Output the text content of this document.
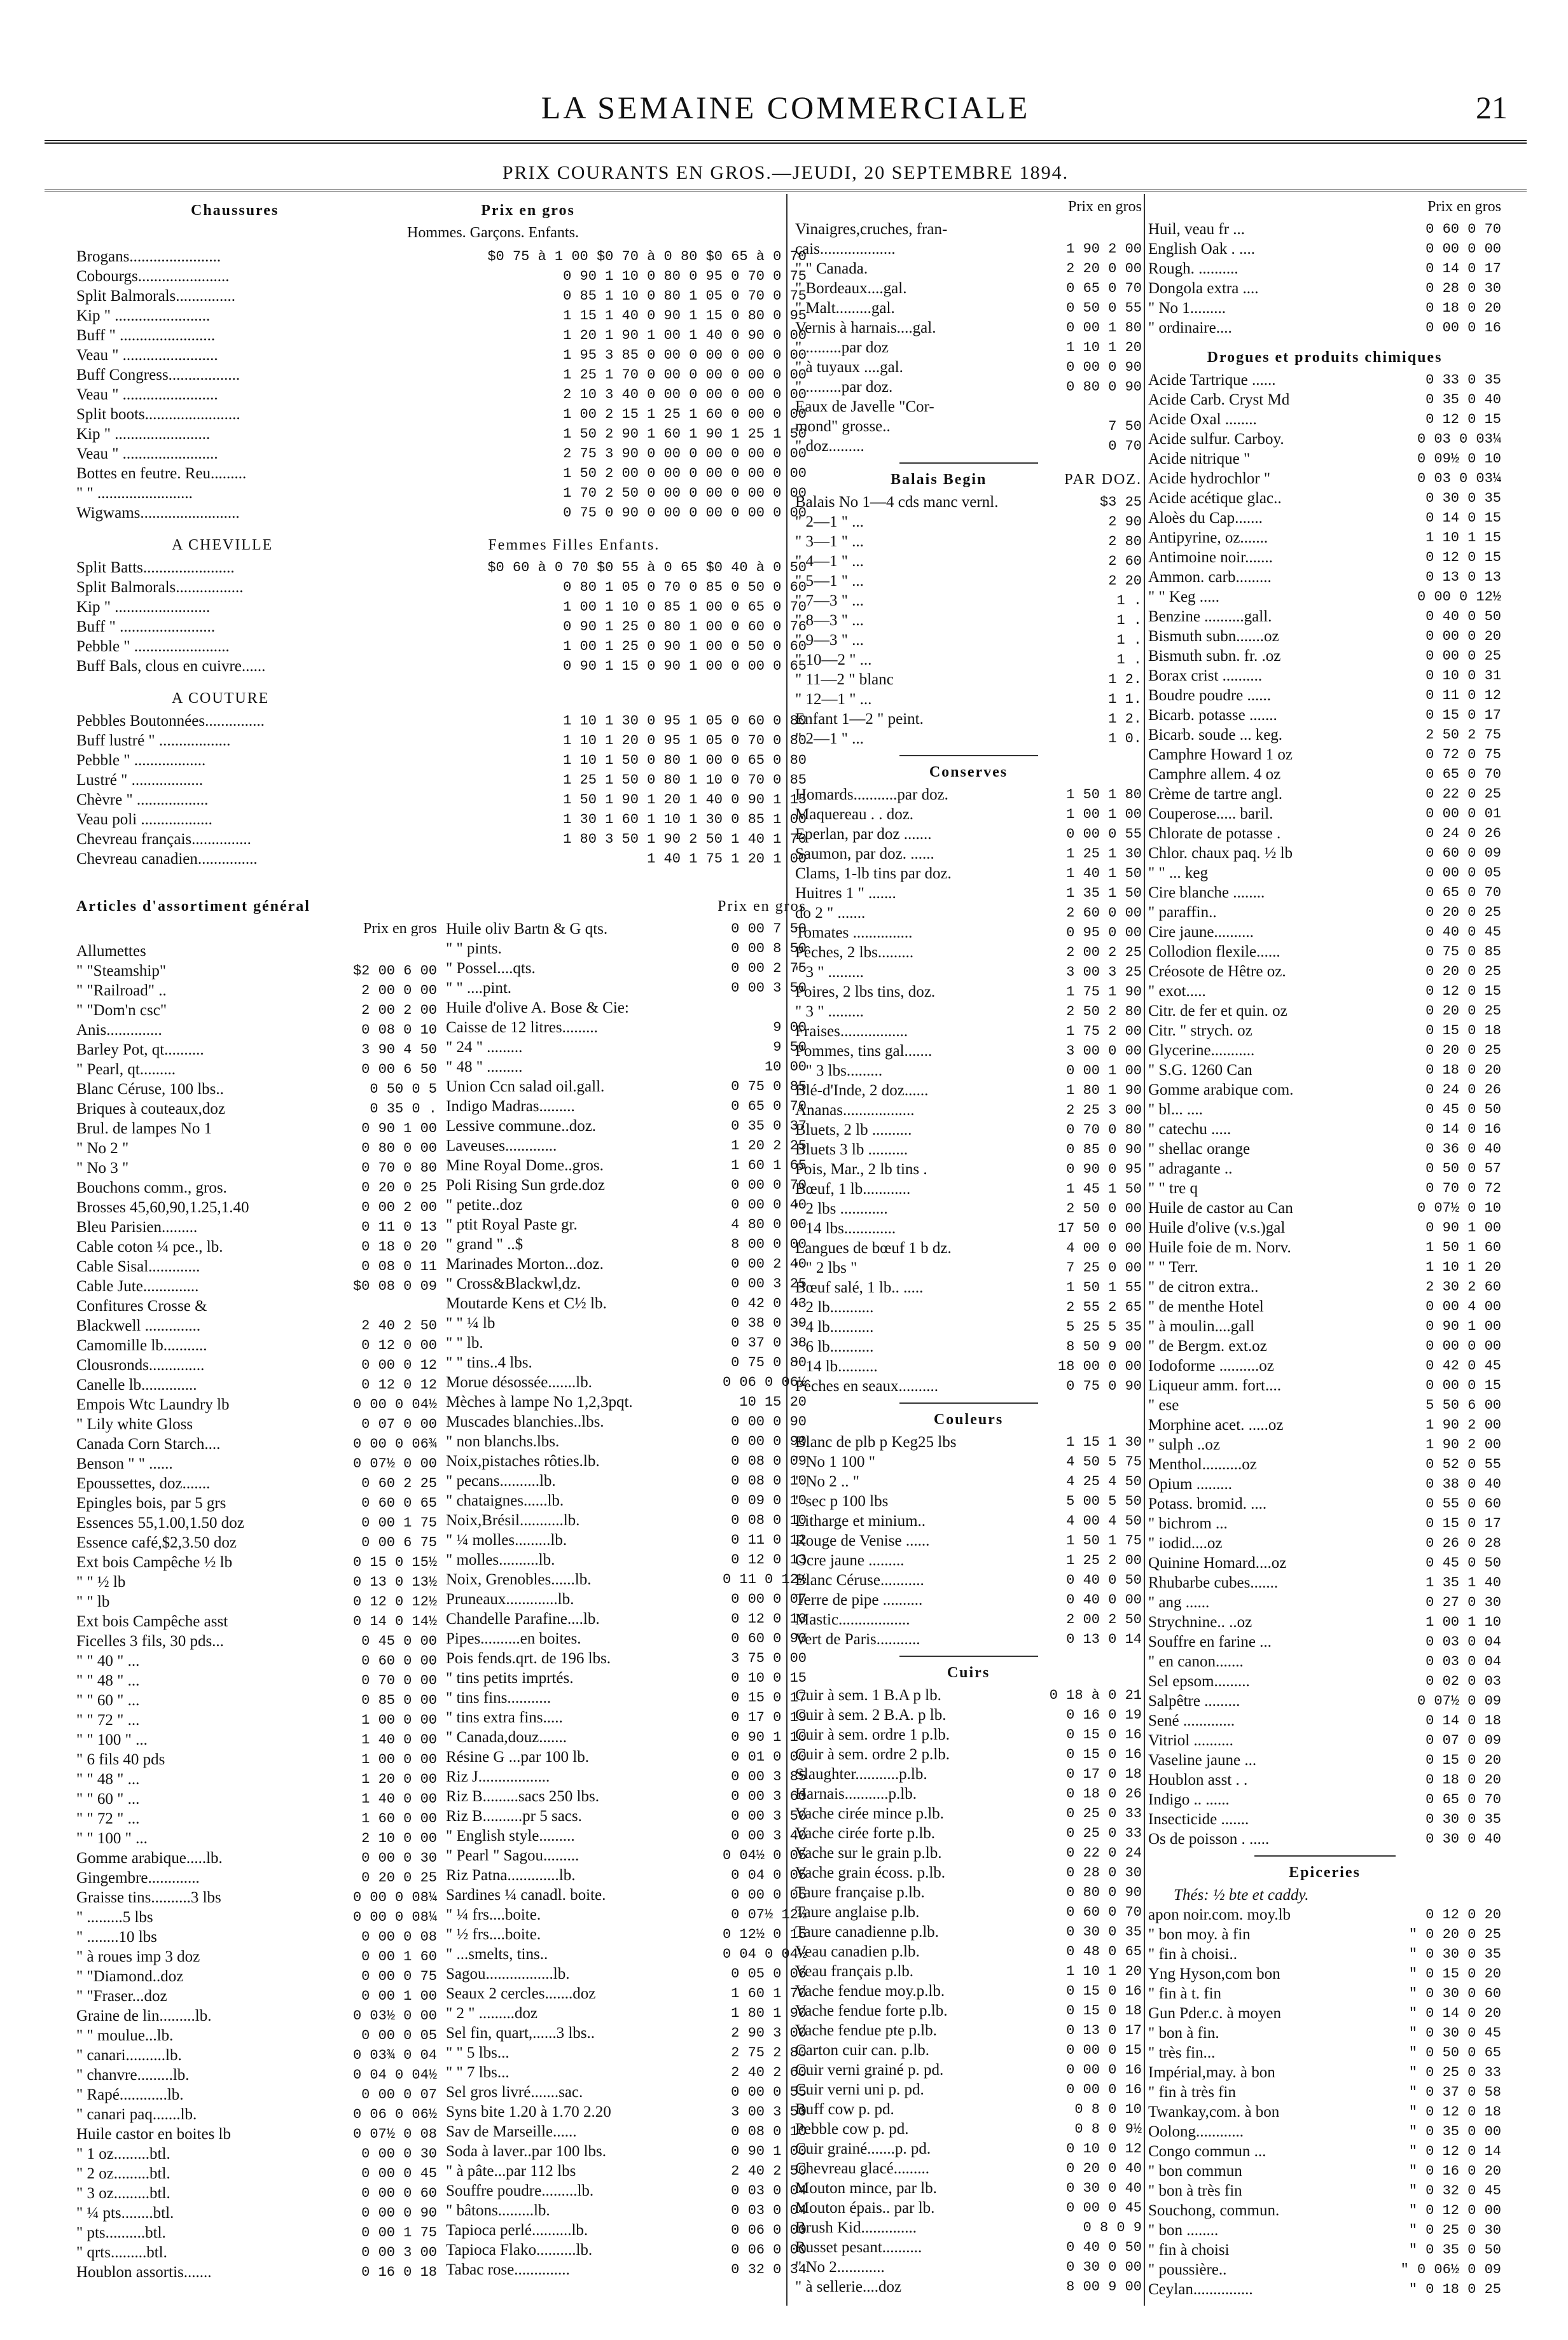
LA SEMAINE COMMERCIALE	21
PRIX COURANTS EN GROS.—JEUDI, 20 SEPTEMBRE 1894.
Chaussures	Prix en gros
Hommes. Garçons. Enfants.
Brogans.......................	$0 75 à 1 00 $0 70 à 0 80 $0 65 à 0 70
Cobourgs.......................	0 90 1 10 0 80 0 95 0 70 0 75
Split Balmorals...............	0 85 1 10 0 80 1 05 0 70 0 75
Kip " ........................	1 15 1 40 0 90 1 15 0 80 0 95
Buff " ........................	1 20 1 90 1 00 1 40 0 90 0 00
Veau " ........................	1 95 3 85 0 00 0 00 0 00 0 00
Buff Congress..................	1 25 1 70 0 00 0 00 0 00 0 00
Veau " ........................	2 10 3 40 0 00 0 00 0 00 0 00
Split boots........................	1 00 2 15 1 25 1 60 0 00 0 00
Kip " ........................	1 50 2 90 1 60 1 90 1 25 1 50
Veau " ........................	2 75 3 90 0 00 0 00 0 00 0 00
Bottes en feutre. Reu.........	1 50 2 00 0 00 0 00 0 00 0 00
" " ........................	1 70 2 50 0 00 0 00 0 00 0 00
Wigwams.........................	0 75 0 90 0 00 0 00 0 00 0 00
A CHEVILLE	Femmes Filles Enfants.
Split Batts.......................	$0 60 à 0 70 $0 55 à 0 65 $0 40 à 0 50
Split Balmorals.................	0 80 1 05 0 70 0 85 0 50 0 60
Kip " ........................	1 00 1 10 0 85 1 00 0 65 0 70
Buff " ........................	0 90 1 25 0 80 1 00 0 60 0 76
Pebble " ........................	1 00 1 25 0 90 1 00 0 50 0 60
Buff Bals, clous en cuivre......	0 90 1 15 0 90 1 00 0 00 0 65
A COUTURE
Pebbles Boutonnées...............	1 10 1 30 0 95 1 05 0 60 0 80
Buff lustré " ..................	1 10 1 20 0 95 1 05 0 70 0 80
Pebble " ..................	1 10 1 50 0 80 1 00 0 65 0 80
Lustré " ..................	1 25 1 50 0 80 1 10 0 70 0 85
Chèvre " ..................	1 50 1 90 1 20 1 40 0 90 1 15
Veau poli ..................	1 30 1 60 1 10 1 30 0 85 1 00
Chevreau français...............	1 80 3 50 1 90 2 50 1 40 1 70
Chevreau canadien...............	1 40 1 75 1 20 1 00
Articles d'assortiment général	Prix en gros
Prix en gros
Allumettes
" "Steamship"	$2 00 6 00
" "Railroad" ..	2 00 0 00
" "Dom'n csc"	2 00 2 00
Anis..............	0 08 0 10
Barley Pot, qt..........	3 90 4 50
" Pearl, qt.........	0 00 6 50
Blanc Céruse, 100 lbs..	0 50 0 5
Briques à couteaux,doz	0 35 0 .
Brul. de lampes No 1	0 90 1 00
" No 2 "	0 80 0 00
" No 3 "	0 70 0 80
Bouchons comm., gros.	0 20 0 25
Brosses 45,60,90,1.25,1.40	0 00 2 00
Bleu Parisien.........	0 11 0 13
Cable coton ¼ pce., lb.	0 18 0 20
Cable Sisal.............	0 08 0 11
Cable Jute..............	$0 08 0 09
Confitures Crosse &
Blackwell ..............	2 40 2 50
Camomille lb...........	0 12 0 00
Clousronds..............	0 00 0 12
Canelle lb..............	0 12 0 12
Empois Wtc Laundry lb	0 00 0 04½
" Lily white Gloss	0 07 0 00
Canada Corn Starch....	0 00 0 06¾
Benson " " ......	0 07½ 0 00
Epoussettes, doz.......	0 60 2 25
Epingles bois, par 5 grs	0 60 0 65
Essences 55,1.00,1.50 doz	0 00 1 75
Essence café,$2,3.50 doz	0 00 6 75
Ext bois Campêche ½ lb	0 15 0 15½
" " ½ lb	0 13 0 13½
" " lb	0 12 0 12½
Ext bois Campêche asst	0 14 0 14½
Ficelles 3 fils, 30 pds...	0 45 0 00
" " 40 " ...	0 60 0 00
" " 48 " ...	0 70 0 00
" " 60 " ...	0 85 0 00
" " 72 " ...	1 00 0 00
" " 100 " ...	1 40 0 00
" 6 fils 40 pds	1 00 0 00
" " 48 " ...	1 20 0 00
" " 60 " ...	1 40 0 00
" " 72 " ...	1 60 0 00
" " 100 " ...	2 10 0 00
Gomme arabique.....lb.	0 00 0 30
Gingembre.............	0 20 0 25
Graisse tins..........3 lbs	0 00 0 08¼
" .........5 lbs	0 00 0 08¼
" ........10 lbs	0 00 0 08
" à roues imp 3 doz	0 00 1 60
" "Diamond..doz	0 00 0 75
" "Fraser...doz	0 00 1 00
Graine de lin.........lb.	0 03½ 0 00
" " moulue...lb.	0 00 0 05
" canari..........lb.	0 03¾ 0 04
" chanvre.........lb.	0 04 0 04½
" Rapé............lb.	0 00 0 07
" canari paq.......lb.	0 06 0 06½
Huile castor en boites lb	0 07½ 0 08
" 1 oz.........btl.	0 00 0 30
" 2 oz.........btl.	0 00 0 45
" 3 oz.........btl.	0 00 0 60
" ¼ pts........btl.	0 00 0 90
" pts..........btl.	0 00 1 75
" qrts.........btl.	0 00 3 00
Houblon assortis.......	0 16 0 18
Huile oliv Bartn & G qts.	0 00 7 50
" " pints.	0 00 8 50
" Possel....qts.	0 00 2 75
" " ....pint.	0 00 3 50
Huile d'olive A. Bose & Cie:
Caisse de 12 litres.........	9 00
" 24 " .........	9 50
" 48 " .........	10 00
Union Ccn salad oil.gall.	0 75 0 85
Indigo Madras.........	0 65 0 70
Lessive commune..doz.	0 35 0 37
Laveuses.............	1 20 2 25
Mine Royal Dome..gros.	1 60 1 65
Poli Rising Sun grde.doz	0 00 0 70
" petite..doz	0 00 0 40
" ptit Royal Paste gr.	4 80 0 00
" grand " ..$	8 00 0 00
Marinades Morton...doz.	0 00 2 40
" Cross&Blackwl,dz.	0 00 3 25
Moutarde Kens et C½ lb.	0 42 0 43
" " ¼ lb	0 38 0 39
" " lb.	0 37 0 38
" " tins..4 lbs.	0 75 0 80
Morue désossée.......lb.	0 06 0 06½
Mèches à lampe No 1,2,3pqt.	10 15 20
Muscades blanchies..lbs.	0 00 0 90
" non blanchs.lbs.	0 00 0 90
Noix,pistaches rôties.lb.	0 08 0 09
" pecans..........lb.	0 08 0 10
" chataignes......lb.	0 09 0 10
Noix,Brésil...........lb.	0 08 0 10
" ¼ molles.........lb.	0 11 0 12
" molles..........lb.	0 12 0 13
Noix, Grenobles......lb.	0 11 0 12½
Pruneaux.............lb.	0 00 0 07
Chandelle Parafine....lb.	0 12 0 13
Pipes..........en boites.	0 60 0 90
Pois fends.qrt. de 196 lbs.	3 75 0 00
" tins petits imprtés.	0 10 0 15
" tins fins...........	0 15 0 17
" tins extra fins.....	0 17 0 19
" Canada,douz.......	0 90 1 10
Résine G ...par 100 lb.	0 01 0 00
Riz J..................	0 00 3 85
Riz B.........sacs 250 lbs.	0 00 3 60
Riz B..........pr 5 sacs.	0 00 3 50
" English style.........	0 00 3 40
" Pearl " Sagou.........	0 04½ 0 05
Riz Patna.............lb.	0 04 0 05
Sardines ¼ canadl. boite.	0 00 0 05
" ¼ frs....boite.	0 07½ 12½
" ½ frs....boite.	0 12½ 0 15
" ...smelts, tins..	0 04 0 04½
Sagou.................lb.	0 05 0 06
Seaux 2 cercles.......doz	1 60 1 70
" 2 " .........doz	1 80 1 90
Sel fin, quart,......3 lbs..	2 90 3 00
" " 5 lbs...	2 75 2 80
" " 7 lbs...	2 40 2 60
Sel gros livré.......sac.	0 00 0 55
Syns bite 1.20 à 1.70 2.20	3 00 3 50
Sav de Marseille......	0 08 0 10
Soda à laver..par 100 lbs.	0 90 1 00
" à pâte...par 112 lbs	2 40 2 50
Souffre poudre.........lb.	0 03 0 04
" bâtons.........lb.	0 03 0 04
Tapioca perlé..........lb.	0 06 0 00
Tapioca Flako..........lb.	0 06 0 00
Tabac rose..............	0 32 0 34
Prix en gros
Vinaigres,cruches, fran-
çais...................	1 90 2 00
" " Canada.	2 20 0 00
" Bordeaux....gal.	0 65 0 70
" Malt.........gal.	0 50 0 55
Vernis à harnais....gal.	0 00 1 80
" .........par doz	1 10 1 20
" à tuyaux ....gal.	0 00 0 90
" .........par doz.	0 80 0 90
Eaux de Javelle "Cor-
mond" grosse..	7 50
" doz.........	0 70
Balais Begin	PAR DOZ.
Balais No 1—4 cds manc vernl.	$3 25
" 2—1 " ...	2 90
" 3—1 " ...	2 80
" 4—1 " ...	2 60
" 5—1 " ...	2 20
" 7—3 " ...	1 .
" 8—3 " ...	1 .
" 9—3 " ...	1 .
" 10—2 " ...	1 .
" 11—2 " blanc	1 2.
" 12—1 " ...	1 1.
Enfant 1—2 " peint.	1 2.
" 2—1 " ...	1 0.
Conserves
Homards...........par doz.	1 50 1 80
Maquereau . . doz.	1 00 1 00
Eperlan, par doz .......	0 00 0 55
Saumon, par doz. ......	1 25 1 30
Clams, 1-lb tins par doz.	1 40 1 50
Huitres 1 " .......	1 35 1 50
do 2 " .......	2 60 0 00
Tomates ...............	0 95 0 00
Pêches, 2 lbs.........	2 00 2 25
" 3 " .........	3 00 3 25
Poires, 2 lbs tins, doz.	1 75 1 90
" 3 " .........	2 50 2 80
Fraises.................	1 75 2 00
Pommes, tins gal.......	3 00 0 00
" " 3 lbs.........	0 00 1 00
Blé-d'Inde, 2 doz......	1 80 1 90
Ananas..................	2 25 3 00
Bluets, 2 lb ..........	0 70 0 80
Bluets 3 lb ..........	0 85 0 90
Pois, Mar., 2 lb tins .	0 90 0 95
Bœuf, 1 lb............	1 45 1 50
" 2 lbs ............	2 50 0 00
" 14 lbs.............	17 50 0 00
Langues de bœuf 1 b dz.	4 00 0 00
" " 2 lbs "	7 25 0 00
Bœuf salé, 1 lb.. .....	1 50 1 55
" 2 lb...........	2 55 2 65
" 4 lb...........	5 25 5 35
" 6 lb...........	8 50 9 00
" 14 lb..........	18 00 0 00
Pêches en seaux..........	0 75 0 90
Couleurs
Blanc de plb p Keg25 lbs	1 15 1 30
" No 1 100 "	4 50 5 75
" No 2 .. "	4 25 4 50
" sec p 100 lbs	5 00 5 50
Litharge et minium..	4 00 4 50
Rouge de Venise ......	1 50 1 75
Ocre jaune .........	1 25 2 00
Blanc Céruse...........	0 40 0 50
Terre de pipe ..........	0 40 0 00
Mastic..................	2 00 2 50
Vert de Paris...........	0 13 0 14
Cuirs
Cuir à sem. 1 B.A p lb.	0 18 à 0 21
Cuir à sem. 2 B.A. p lb.	0 16 0 19
Cuir à sem. ordre 1 p.lb.	0 15 0 16
Cuir à sem. ordre 2 p.lb.	0 15 0 16
Slaughter...........p.lb.	0 17 0 18
Harnais...........p.lb.	0 18 0 26
Vache cirée mince p.lb.	0 25 0 33
Vache cirée forte p.lb.	0 25 0 33
Vache sur le grain p.lb.	0 22 0 24
Vache grain écoss. p.lb.	0 28 0 30
Taure française p.lb.	0 80 0 90
Taure anglaise p.lb.	0 60 0 70
Taure canadienne p.lb.	0 30 0 35
Veau canadien p.lb.	0 48 0 65
Veau français p.lb.	1 10 1 20
Vache fendue moy.p.lb.	0 15 0 16
Vache fendue forte p.lb.	0 15 0 18
Vache fendue pte p.lb.	0 13 0 17
Carton cuir can. p.lb.	0 00 0 15
Cuir verni grainé p. pd.	0 00 0 16
Cuir verni uni p. pd.	0 00 0 16
Buff cow p. pd.	0 8 0 10
Pebble cow p. pd.	0 8 0 9½
Cuir grainé.......p. pd.	0 10 0 12
Chevreau glacé.........	0 20 0 40
Mouton mince, par lb.	0 30 0 40
Mouton épais.. par lb.	0 00 0 45
Brush Kid..............	0 8 0 9
Russet pesant..........	0 40 0 50
" No 2............	0 30 0 00
" à sellerie....doz	8 00 9 00
Prix en gros
Huil, veau fr ...	0 60 0 70
English Oak . ....	0 00 0 00
Rough. ..........	0 14 0 17
Dongola extra ....	0 28 0 30
" No 1.........	0 18 0 20
" ordinaire....	0 00 0 16
Drogues et produits chimiques
Acide Tartrique ......	0 33 0 35
Acide Carb. Cryst Md	0 35 0 40
Acide Oxal ........	0 12 0 15
Acide sulfur. Carboy.	0 03 0 03¼
Acide nitrique "	0 09½ 0 10
Acide hydrochlor "	0 03 0 03¼
Acide acétique glac..	0 30 0 35
Aloès du Cap.......	0 14 0 15
Antipyrine, oz.......	1 10 1 15
Antimoine noir.......	0 12 0 15
Ammon. carb.........	0 13 0 13
" " Keg .....	0 00 0 12½
Benzine ..........gall.	0 40 0 50
Bismuth subn.......oz	0 00 0 20
Bismuth subn. fr. .oz	0 00 0 25
Borax crist ..........	0 10 0 31
Boudre poudre ......	0 11 0 12
Bicarb. potasse .......	0 15 0 17
Bicarb. soude ... keg.	2 50 2 75
Camphre Howard 1 oz	0 72 0 75
Camphre allem. 4 oz	0 65 0 70
Crème de tartre angl.	0 22 0 25
Couperose..... baril.	0 00 0 01
Chlorate de potasse .	0 24 0 26
Chlor. chaux paq. ½ lb	0 60 0 09
" " ... keg	0 00 0 05
Cire blanche ........	0 65 0 70
" paraffin..	0 20 0 25
Cire jaune..........	0 40 0 45
Collodion flexile......	0 75 0 85
Créosote de Hêtre oz.	0 20 0 25
" exot.....	0 12 0 15
Citr. de fer et quin. oz	0 20 0 25
Citr. " strych. oz	0 15 0 18
Glycerine...........	0 20 0 25
" S.G. 1260 Can	0 18 0 20
Gomme arabique com.	0 24 0 26
" bl... ....	0 45 0 50
" catechu .....	0 14 0 16
" shellac orange	0 36 0 40
" adragante ..	0 50 0 57
" " tre q	0 70 0 72
Huile de castor au Can	0 07½ 0 10
Huile d'olive (v.s.)gal	0 90 1 00
Huile foie de m. Norv.	1 50 1 60
" " Terr.	1 10 1 20
" de citron extra..	2 30 2 60
" de menthe Hotel	0 00 4 00
" à moulin....gall	0 90 1 00
" de Bergm. ext.oz	0 00 0 00
Iodoforme ..........oz	0 42 0 45
Liqueur amm. fort....	0 00 0 15
" ese	5 50 6 00
Morphine acet. .....oz	1 90 2 00
" sulph ..oz	1 90 2 00
Menthol..........oz	0 52 0 55
Opium .........	0 38 0 40
Potass. bromid. ....	0 55 0 60
" bichrom ...	0 15 0 17
" iodid....oz	0 26 0 28
Quinine Homard....oz	0 45 0 50
Rhubarbe cubes.......	1 35 1 40
" ang ......	0 27 0 30
Strychnine.. ..oz	1 00 1 10
Souffre en farine ...	0 03 0 04
" en canon.......	0 03 0 04
Sel epsom.........	0 02 0 03
Salpêtre .........	0 07½ 0 09
Sené .............	0 14 0 18
Vitriol ..........	0 07 0 09
Vaseline jaune ...	0 15 0 20
Houblon asst . .	0 18 0 20
Indigo .. ......	0 65 0 70
Insecticide .......	0 30 0 35
Os de poisson . .....	0 30 0 40
Epiceries
Thés: ½ bte et caddy.
apon noir.com. moy.lb	0 12 0 20
" bon moy. à fin	" 0 20 0 25
" fin à choisi..	" 0 30 0 35
Yng Hyson,com bon	" 0 15 0 20
" fin à t. fin	" 0 30 0 60
Gun Pder.c. à moyen	" 0 14 0 20
" bon à fin.	" 0 30 0 45
" très fin...	" 0 50 0 65
Impérial,may. à bon	" 0 25 0 33
" fin à très fin	" 0 37 0 58
Twankay,com. à bon	" 0 12 0 18
Oolong............	" 0 35 0 00
Congo commun ...	" 0 12 0 14
" bon commun	" 0 16 0 20
" bon à très fin	" 0 32 0 45
Souchong, commun.	" 0 12 0 00
" bon ........	" 0 25 0 30
" fin à choisi	" 0 35 0 50
" poussière..	" 0 06½ 0 09
Ceylan...............	" 0 18 0 25
